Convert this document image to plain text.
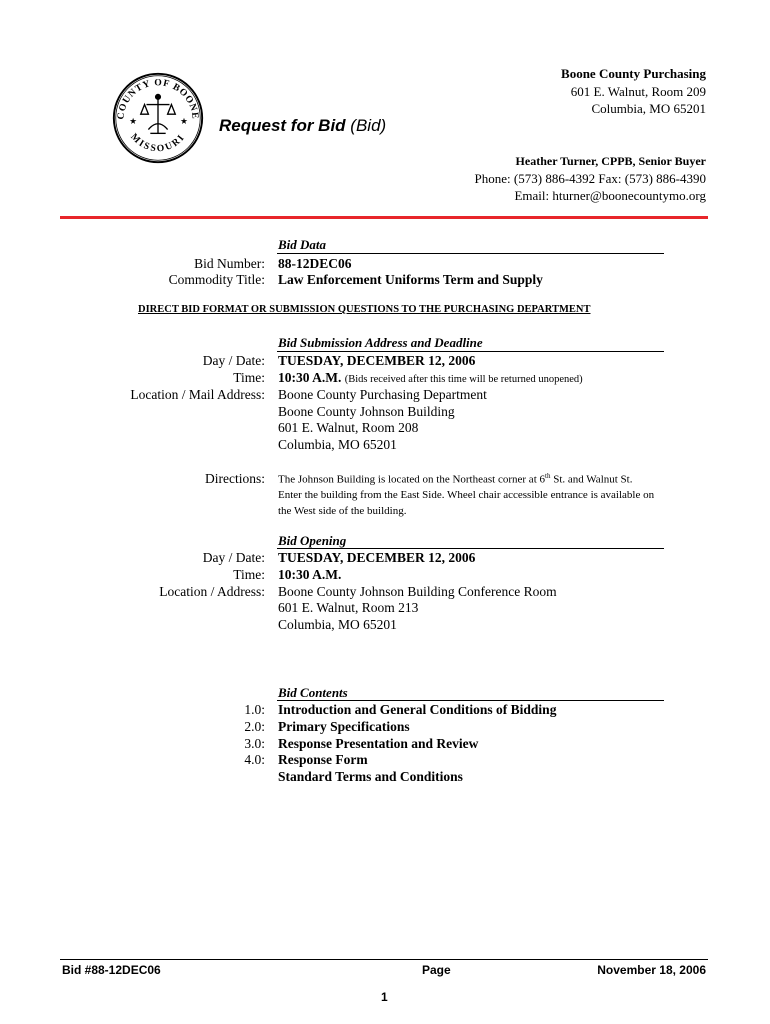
COUNTY OF BOONE
MISSOURI
★	★ Request for Bid (Bid)
Boone County Purchasing
601 E. Walnut, Room 209
Columbia, MO 65201
Heather Turner, CPPB, Senior Buyer
Phone: (573) 886-4392 Fax: (573) 886-4390
Email: hturner@boonecountymo.org
Bid Data
Bid Number: 88-12DEC06
Commodity Title: Law Enforcement Uniforms Term and Supply
DIRECT BID FORMAT OR SUBMISSION QUESTIONS TO THE PURCHASING DEPARTMENT
Bid Submission Address and Deadline
Day / Date: TUESDAY, DECEMBER 12, 2006
Time: 10:30 A.M. (Bids received after this time will be returned unopened)
Location / Mail Address: Boone County Purchasing Department
Boone County Johnson Building
601 E. Walnut, Room 208
Columbia, MO 65201
Directions: The Johnson Building is located on the Northeast corner at 6th St. and Walnut St. Enter the building from the East Side. Wheel chair accessible entrance is available on the West side of the building.
Bid Opening
Day / Date: TUESDAY, DECEMBER 12, 2006
Time: 10:30 A.M.
Location / Address: Boone County Johnson Building Conference Room
601 E. Walnut, Room 213
Columbia, MO 65201
Bid Contents
1.0: Introduction and General Conditions of Bidding
2.0: Primary Specifications
3.0: Response Presentation and Review
4.0: Response Form
Standard Terms and Conditions
Bid #88-12DEC06	Page	November 18, 2006
1
